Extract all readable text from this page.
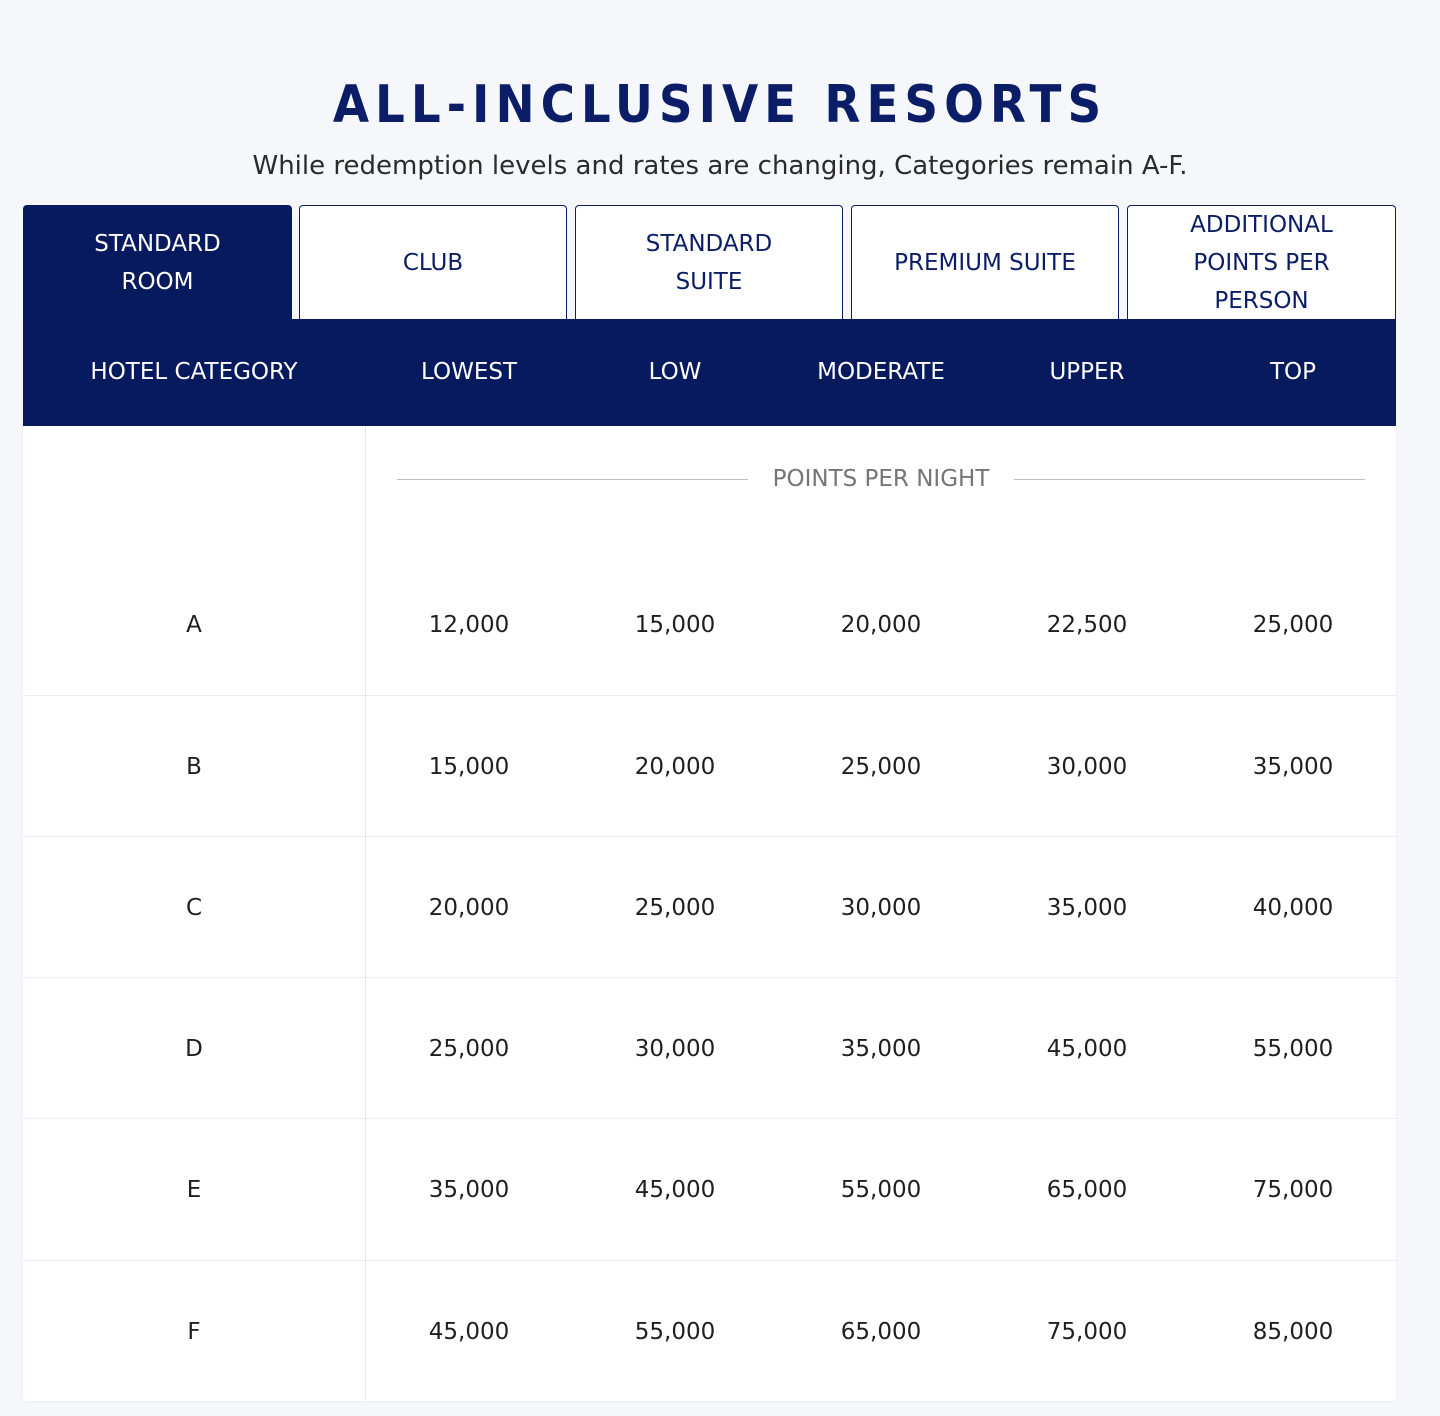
ALL-INCLUSIVE RESORTS

While redemption levels and rates are changing, Categories remain A-F.

STANDARD ROOM
CLUB
STANDARD SUITE
PREMIUM SUITE
ADDITIONAL POINTS PER PERSON
HOTEL CATEGORY	LOWEST	LOW	MODERATE	UPPER	TOP
POINTS PER NIGHT
A	12,000	15,000	20,000	22,500	25,000
B	15,000	20,000	25,000	30,000	35,000
C	20,000	25,000	30,000	35,000	40,000
D	25,000	30,000	35,000	45,000	55,000
E	35,000	45,000	55,000	65,000	75,000
F	45,000	55,000	65,000	75,000	85,000
